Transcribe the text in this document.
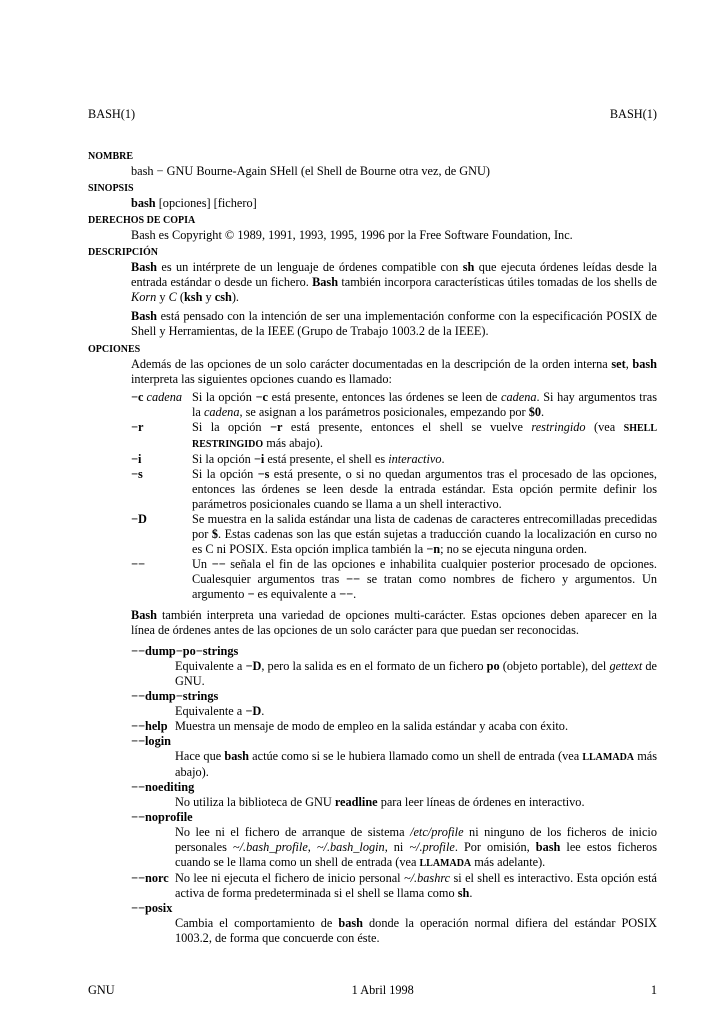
BASH(1)	BASH(1)
NOMBRE
bash − GNU Bourne-Again SHell (el Shell de Bourne otra vez, de GNU)
SINOPSIS
bash [opciones] [fichero]
DERECHOS DE COPIA
Bash es Copyright © 1989, 1991, 1993, 1995, 1996 por la Free Software Foundation, Inc.
DESCRIPCIÓN
Bash es un intérprete de un lenguaje de órdenes compatible con sh que ejecuta órdenes leídas desde la entrada estándar o desde un fichero. Bash también incorpora características útiles tomadas de los shells de Korn y C (ksh y csh).
Bash está pensado con la intención de ser una implementación conforme con la especificación POSIX de Shell y Herramientas, de la IEEE (Grupo de Trabajo 1003.2 de la IEEE).
OPCIONES
Además de las opciones de un solo carácter documentadas en la descripción de la orden interna set, bash interpreta las siguientes opciones cuando es llamado:
−c cadena Si la opción −c está presente, entonces las órdenes se leen de cadena. Si hay argumentos tras la cadena, se asignan a los parámetros posicionales, empezando por $0.
−r	Si la opción −r está presente, entonces el shell se vuelve restringido (vea SHELL RESTRINGIDO más abajo).
−i	Si la opción −i está presente, el shell es interactivo.
−s	Si la opción −s está presente, o si no quedan argumentos tras el procesado de las opciones, entonces las órdenes se leen desde la entrada estándar. Esta opción permite definir los parámetros posicionales cuando se llama a un shell interactivo.
−D	Se muestra en la salida estándar una lista de cadenas de caracteres entrecomilladas precedidas por $. Estas cadenas son las que están sujetas a traducción cuando la localización en curso no es C ni POSIX. Esta opción implica también la −n; no se ejecuta ninguna orden.
−−	Un −− señala el fin de las opciones e inhabilita cualquier posterior procesado de opciones. Cualesquier argumentos tras −− se tratan como nombres de fichero y argumentos. Un argumento − es equivalente a −−.
Bash también interpreta una variedad de opciones multi-carácter. Estas opciones deben aparecer en la línea de órdenes antes de las opciones de un solo carácter para que puedan ser reconocidas.
−−dump−po−strings
Equivalente a −D, pero la salida es en el formato de un fichero po (objeto portable), del gettext de GNU.
−−dump−strings
Equivalente a −D.
−−help Muestra un mensaje de modo de empleo en la salida estándar y acaba con éxito.
−−login
Hace que bash actúe como si se le hubiera llamado como un shell de entrada (vea LLAMADA más abajo).
−−noediting
No utiliza la biblioteca de GNU readline para leer líneas de órdenes en interactivo.
−−noprofile
No lee ni el fichero de arranque de sistema /etc/profile ni ninguno de los ficheros de inicio personales ~/.bash_profile, ~/.bash_login, ni ~/.profile. Por omisión, bash lee estos ficheros cuando se le llama como un shell de entrada (vea LLAMADA más adelante).
−−norc No lee ni ejecuta el fichero de inicio personal ~/.bashrc si el shell es interactivo. Esta opción está activa de forma predeterminada si el shell se llama como sh.
−−posix
Cambia el comportamiento de bash donde la operación normal difiera del estándar POSIX 1003.2, de forma que concuerde con éste.
GNU	1 Abril 1998	1
